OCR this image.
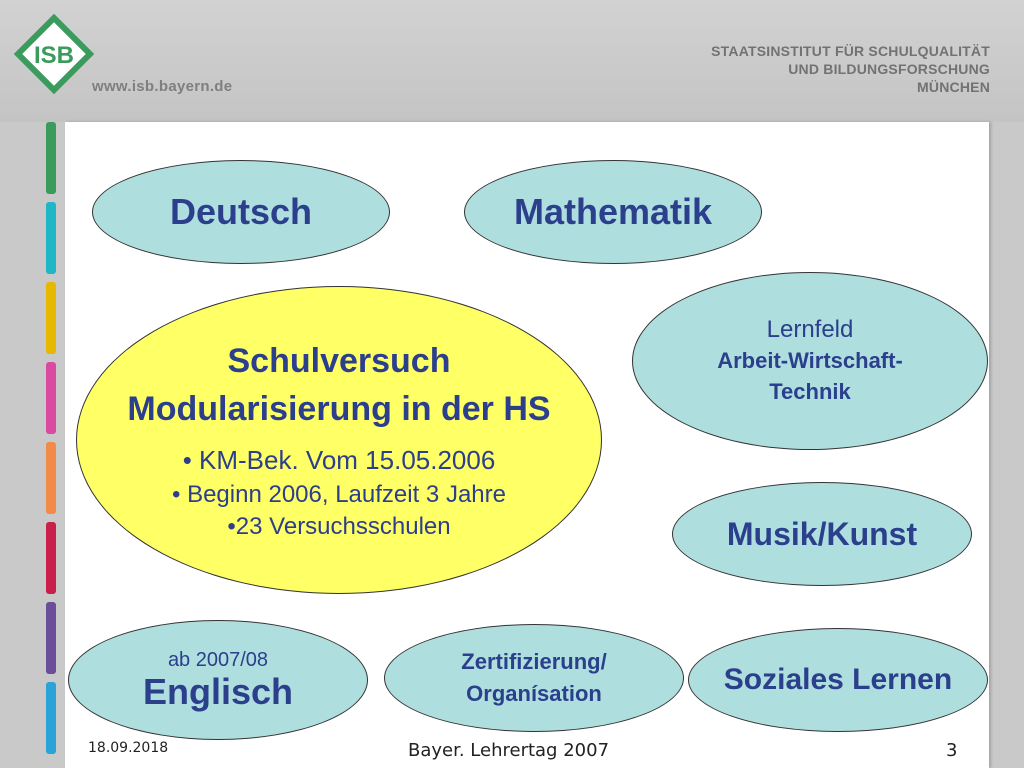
ISB
www.isb.bayern.de
STAATSINSTITUT FÜR SCHULQUALITÄT
UND BILDUNGSFORSCHUNG
MÜNCHEN
Deutsch	Mathematik
Lernfeld
Arbeit-Wirtschaft-
Technik
Schulversuch
Modularisierung in der HS
• KM-Bek. Vom 15.05.2006
• Beginn 2006, Laufzeit 3 Jahre
•23 Versuchsschulen	Musik/Kunst
ab 2007/08
Englisch
Zertifizierung/
Organísation	Soziales Lernen
18.09.2018	Bayer. Lehrertag 2007	3
